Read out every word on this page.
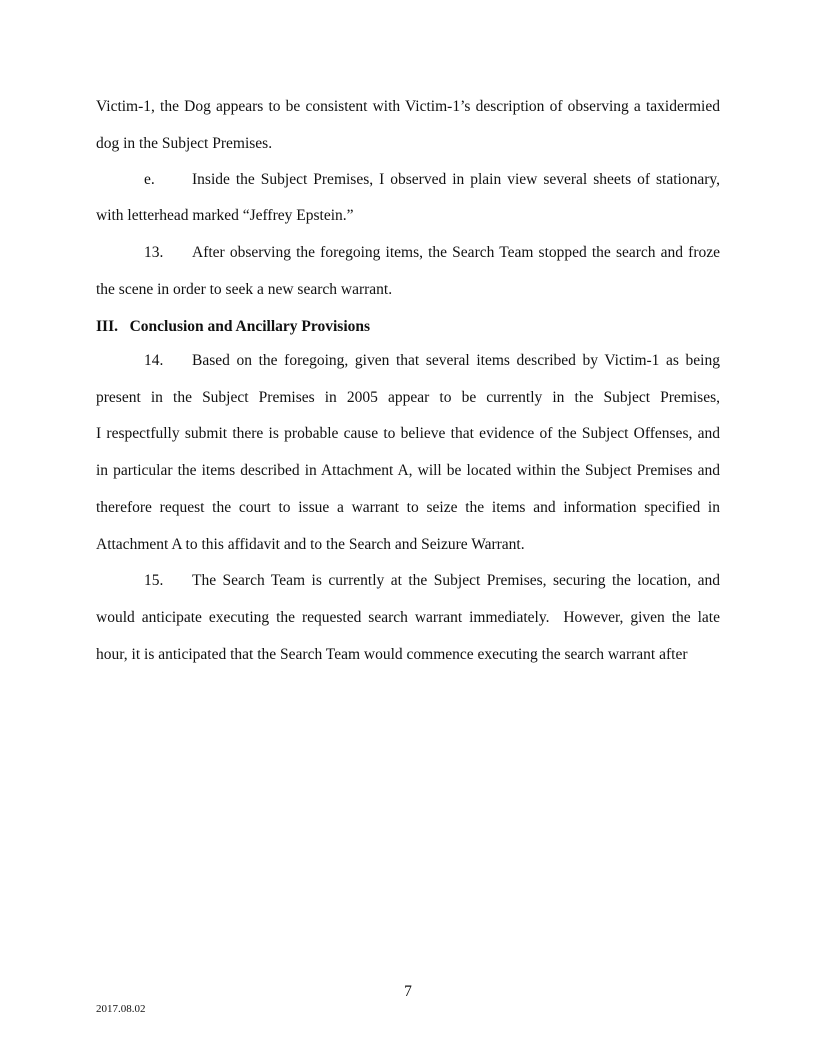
Victim-1, the Dog appears to be consistent with Victim-1’s description of observing a taxidermied
dog in the Subject Premises.
e. Inside the Subject Premises, I observed in plain view several sheets of stationary,
with letterhead marked “Jeffrey Epstein.”
13. After observing the foregoing items, the Search Team stopped the search and froze
the scene in order to seek a new search warrant.
III.   Conclusion and Ancillary Provisions
14. Based on the foregoing, given that several items described by Victim-1 as being
present in the Subject Premises in 2005 appear to be currently in the Subject Premises,
I respectfully submit there is probable cause to believe that evidence of the Subject Offenses, and
in particular the items described in Attachment A, will be located within the Subject Premises and
therefore request the court to issue a warrant to seize the items and information specified in
Attachment A to this affidavit and to the Search and Seizure Warrant.
15. The Search Team is currently at the Subject Premises, securing the location, and
would anticipate executing the requested search warrant immediately.  However, given the late
hour, it is anticipated that the Search Team would commence executing the search warrant after
7
2017.08.02
